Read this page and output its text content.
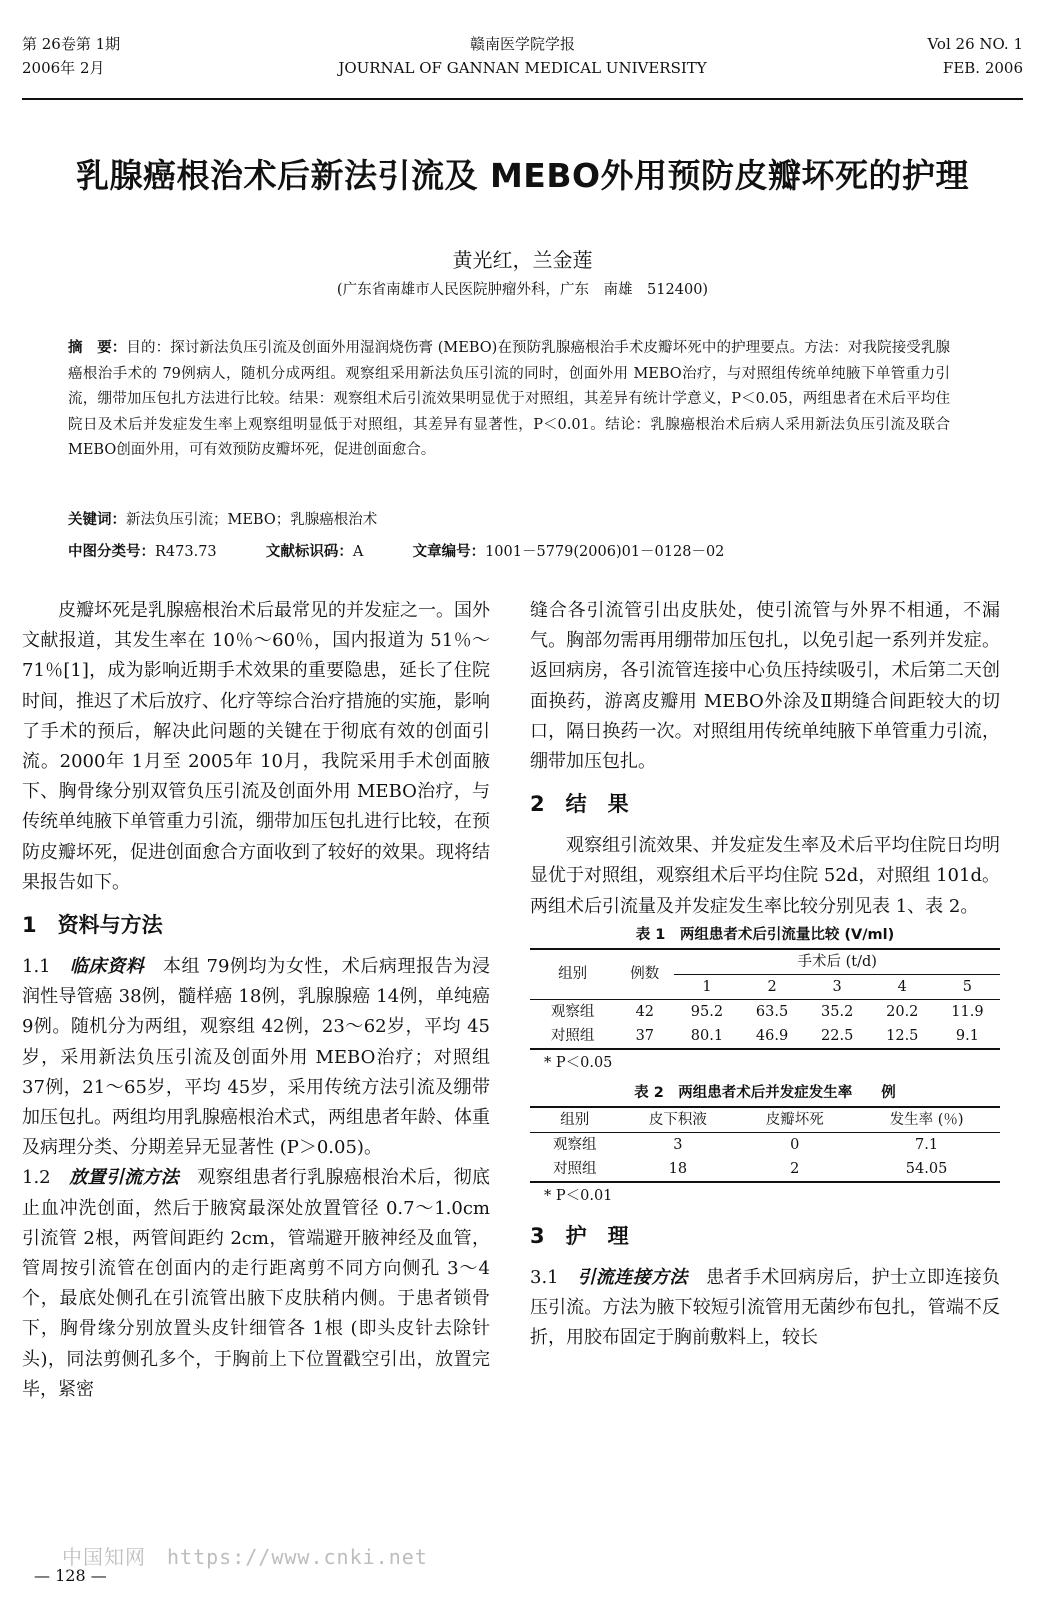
第 26卷第 1期
2006年 2月
赣南医学院学报
JOURNAL OF GANNAN MEDICAL UNIVERSITY
Vol 26 NO. 1
FEB. 2006
乳腺癌根治术后新法引流及 MEBO外用预防皮瓣坏死的护理
黄光红，兰金莲
(广东省南雄市人民医院肿瘤外科，广东　南雄　512400)
摘　要：目的：探讨新法负压引流及创面外用湿润烧伤膏 (MEBO)在预防乳腺癌根治手术皮瓣坏死中的护理要点。方法：对我院接受乳腺癌根治手术的 79例病人，随机分成两组。观察组采用新法负压引流的同时，创面外用 MEBO治疗，与对照组传统单纯腋下单管重力引流，绷带加压包扎方法进行比较。结果：观察组术后引流效果明显优于对照组，其差异有统计学意义，P＜0.05，两组患者在术后平均住院日及术后并发症发生率上观察组明显低于对照组，其差异有显著性，P＜0.01。结论：乳腺癌根治术后病人采用新法负压引流及联合 MEBO创面外用，可有效预防皮瓣坏死，促进创面愈合。
关键词：新法负压引流；MEBO；乳腺癌根治术
中图分类号：R473.73	文献标识码：A	文章编号：1001－5779(2006)01－0128－02

皮瓣坏死是乳腺癌根治术后最常见的并发症之一。国外文献报道，其发生率在 10％～60％，国内报道为 51％～71％[1]，成为影响近期手术效果的重要隐患，延长了住院时间，推迟了术后放疗、化疗等综合治疗措施的实施，影响了手术的预后，解决此问题的关键在于彻底有效的创面引流。2000年 1月至 2005年 10月，我院采用手术创面腋下、胸骨缘分别双管负压引流及创面外用 MEBO治疗，与传统单纯腋下单管重力引流，绷带加压包扎进行比较，在预防皮瓣坏死，促进创面愈合方面收到了较好的效果。现将结果报告如下。

1　资料与方法

1.1　临床资料　本组 79例均为女性，术后病理报告为浸润性导管癌 38例，髓样癌 18例，乳腺腺癌 14例，单纯癌 9例。随机分为两组，观察组 42例，23～62岁，平均 45岁，采用新法负压引流及创面外用 MEBO治疗；对照组 37例，21～65岁，平均 45岁，采用传统方法引流及绷带加压包扎。两组均用乳腺癌根治术式，两组患者年龄、体重及病理分类、分期差异无显著性 (P＞0.05)。

1.2　放置引流方法　观察组患者行乳腺癌根治术后，彻底止血冲洗创面，然后于腋窝最深处放置管径 0.7～1.0cm引流管 2根，两管间距约 2cm，管端避开腋神经及血管，管周按引流管在创面内的走行距离剪不同方向侧孔 3～4个，最底处侧孔在引流管出腋下皮肤稍内侧。于患者锁骨下，胸骨缘分别放置头皮针细管各 1根 (即头皮针去除针头)，同法剪侧孔多个，于胸前上下位置戳空引出，放置完毕，紧密

缝合各引流管引出皮肤处，使引流管与外界不相通，不漏气。胸部勿需再用绷带加压包扎，以免引起一系列并发症。返回病房，各引流管连接中心负压持续吸引，术后第二天创面换药，游离皮瓣用 MEBO外涂及Ⅱ期缝合间距较大的切口，隔日换药一次。对照组用传统单纯腋下单管重力引流，绷带加压包扎。

2　结　果

观察组引流效果、并发症发生率及术后平均住院日均明显优于对照组，观察组术后平均住院 52d，对照组 101d。两组术后引流量及并发症发生率比较分别见表 1、表 2。

表 1　两组患者术后引流量比较 (V/ml)
组别	例数	手术后 (t/d)				
		1	2	3	4	5
观察组	42	95.2	63.5	35.2	20.2	11.9
对照组	37	80.1	46.9	22.5	12.5	9.1
* P＜0.05
表 2　两组患者术后并发症发生率　　例
组别	皮下积液	皮瓣坏死	发生率 (％)
观察组	3	0	7.1
对照组	18	2	54.05
* P＜0.01
3　护　理

3.1　引流连接方法　患者手术回病房后，护士立即连接负压引流。方法为腋下较短引流管用无菌纱布包扎，管端不反折，用胶布固定于胸前敷料上，较长

中国知网　https://www.cnki.net
— 128 —
